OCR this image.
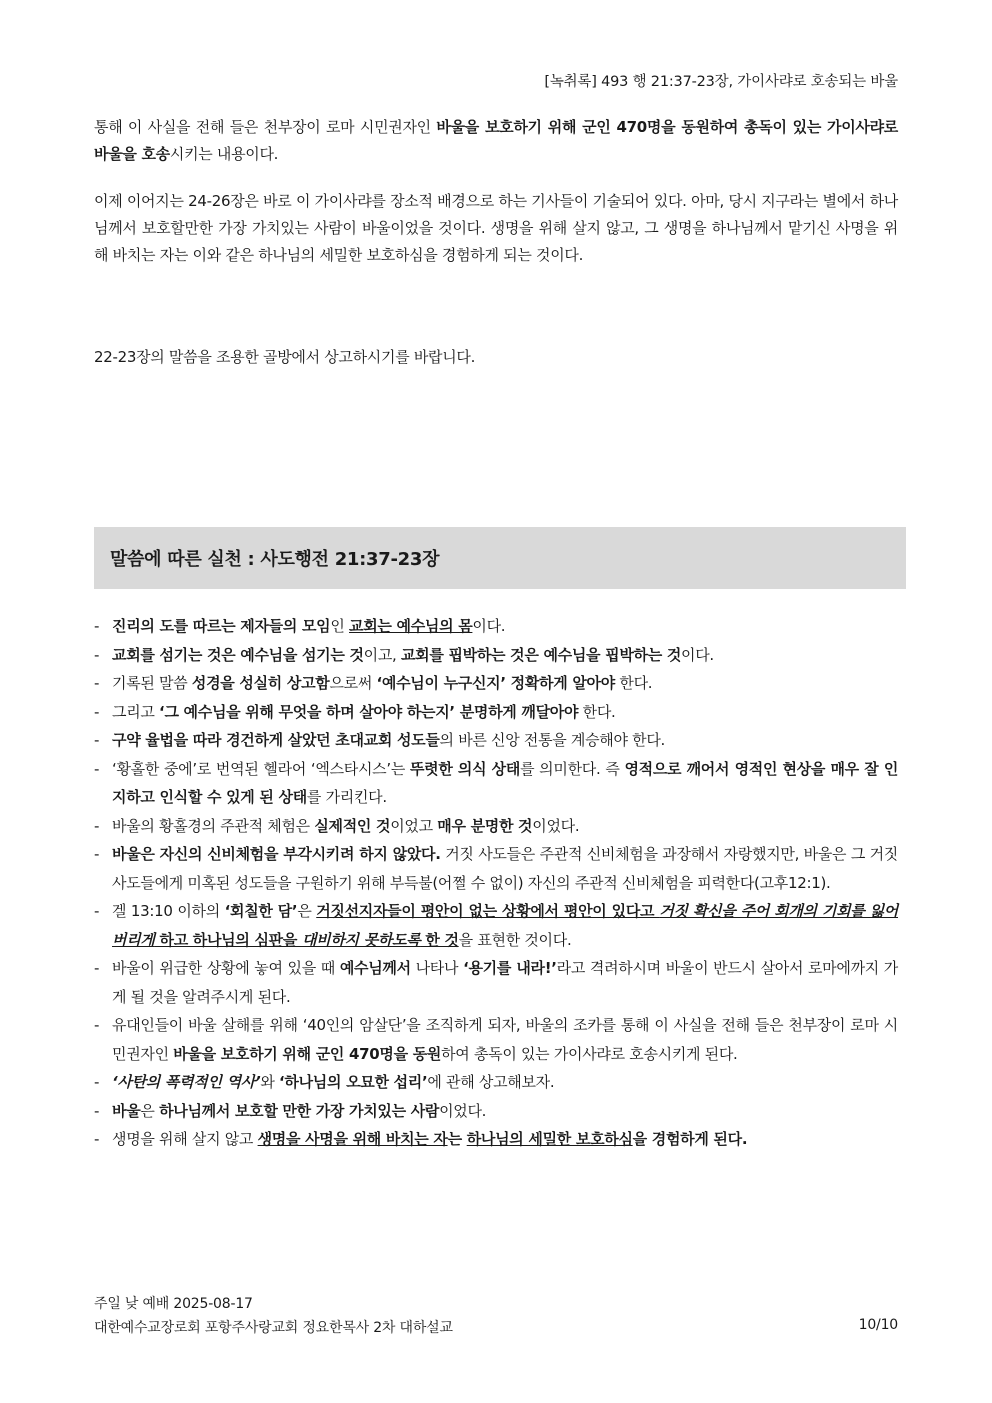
[녹취록] 493 행 21:37-23장, 가이사랴로 호송되는 바울

통해 이 사실을 전해 들은 천부장이 로마 시민권자인 바울을 보호하기 위해 군인 470명을 동원하여 총독이 있는 가이사랴로 바울을 호송시키는 내용이다.

이제 이어지는 24-26장은 바로 이 가이사랴를 장소적 배경으로 하는 기사들이 기술되어 있다. 아마, 당시 지구라는 별에서 하나님께서 보호할만한 가장 가치있는 사람이 바울이었을 것이다. 생명을 위해 살지 않고, 그 생명을 하나님께서 맡기신 사명을 위해 바치는 자는 이와 같은 하나님의 세밀한 보호하심을 경험하게 되는 것이다.

22-23장의 말씀을 조용한 골방에서 상고하시기를 바랍니다.

말씀에 따른 실천 : 사도행전 21:37-23장
- 진리의 도를 따르는 제자들의 모임인 교회는 예수님의 몸이다.
- 교회를 섬기는 것은 예수님을 섬기는 것이고, 교회를 핍박하는 것은 예수님을 핍박하는 것이다.
- 기록된 말씀 성경을 성실히 상고함으로써 ‘예수님이 누구신지’ 정확하게 알아야 한다.
- 그리고 ‘그 예수님을 위해 무엇을 하며 살아야 하는지’ 분명하게 깨달아야 한다.
- 구약 율법을 따라 경건하게 살았던 초대교회 성도들의 바른 신앙 전통을 계승해야 한다.
- ‘황홀한 중에’로 번역된 헬라어 ‘엑스타시스’는 뚜렷한 의식 상태를 의미한다. 즉 영적으로 깨어서 영적인 현상을 매우 잘 인지하고 인식할 수 있게 된 상태를 가리킨다.
- 바울의 황홀경의 주관적 체험은 실제적인 것이었고 매우 분명한 것이었다.
- 바울은 자신의 신비체험을 부각시키려 하지 않았다. 거짓 사도들은 주관적 신비체험을 과장해서 자랑했지만, 바울은 그 거짓 사도들에게 미혹된 성도들을 구원하기 위해 부득불(어쩔 수 없이) 자신의 주관적 신비체험을 피력한다(고후12:1).
- 겔 13:10 이하의 ‘회칠한 담’은 거짓선지자들이 평안이 없는 상황에서 평안이 있다고 거짓 확신을 주어 회개의 기회를 잃어버리게 하고 하나님의 심판을 대비하지 못하도록 한 것을 표현한 것이다.
- 바울이 위급한 상황에 놓여 있을 때 예수님께서 나타나 ‘용기를 내라!’라고 격려하시며 바울이 반드시 살아서 로마에까지 가게 될 것을 알려주시게 된다.
- 유대인들이 바울 살해를 위해 ‘40인의 암살단’을 조직하게 되자, 바울의 조카를 통해 이 사실을 전해 들은 천부장이 로마 시민권자인 바울을 보호하기 위해 군인 470명을 동원하여 총독이 있는 가이사랴로 호송시키게 된다.
- ‘사탄의 폭력적인 역사’와 ‘하나님의 오묘한 섭리’에 관해 상고해보자.
- 바울은 하나님께서 보호할 만한 가장 가치있는 사람이었다.
- 생명을 위해 살지 않고 생명을 사명을 위해 바치는 자는 하나님의 세밀한 보호하심을 경험하게 된다.
주일 낮 예배 2025-08-17
대한예수교장로회 포항주사랑교회 정요한목사 2차 대하설교	10/10
